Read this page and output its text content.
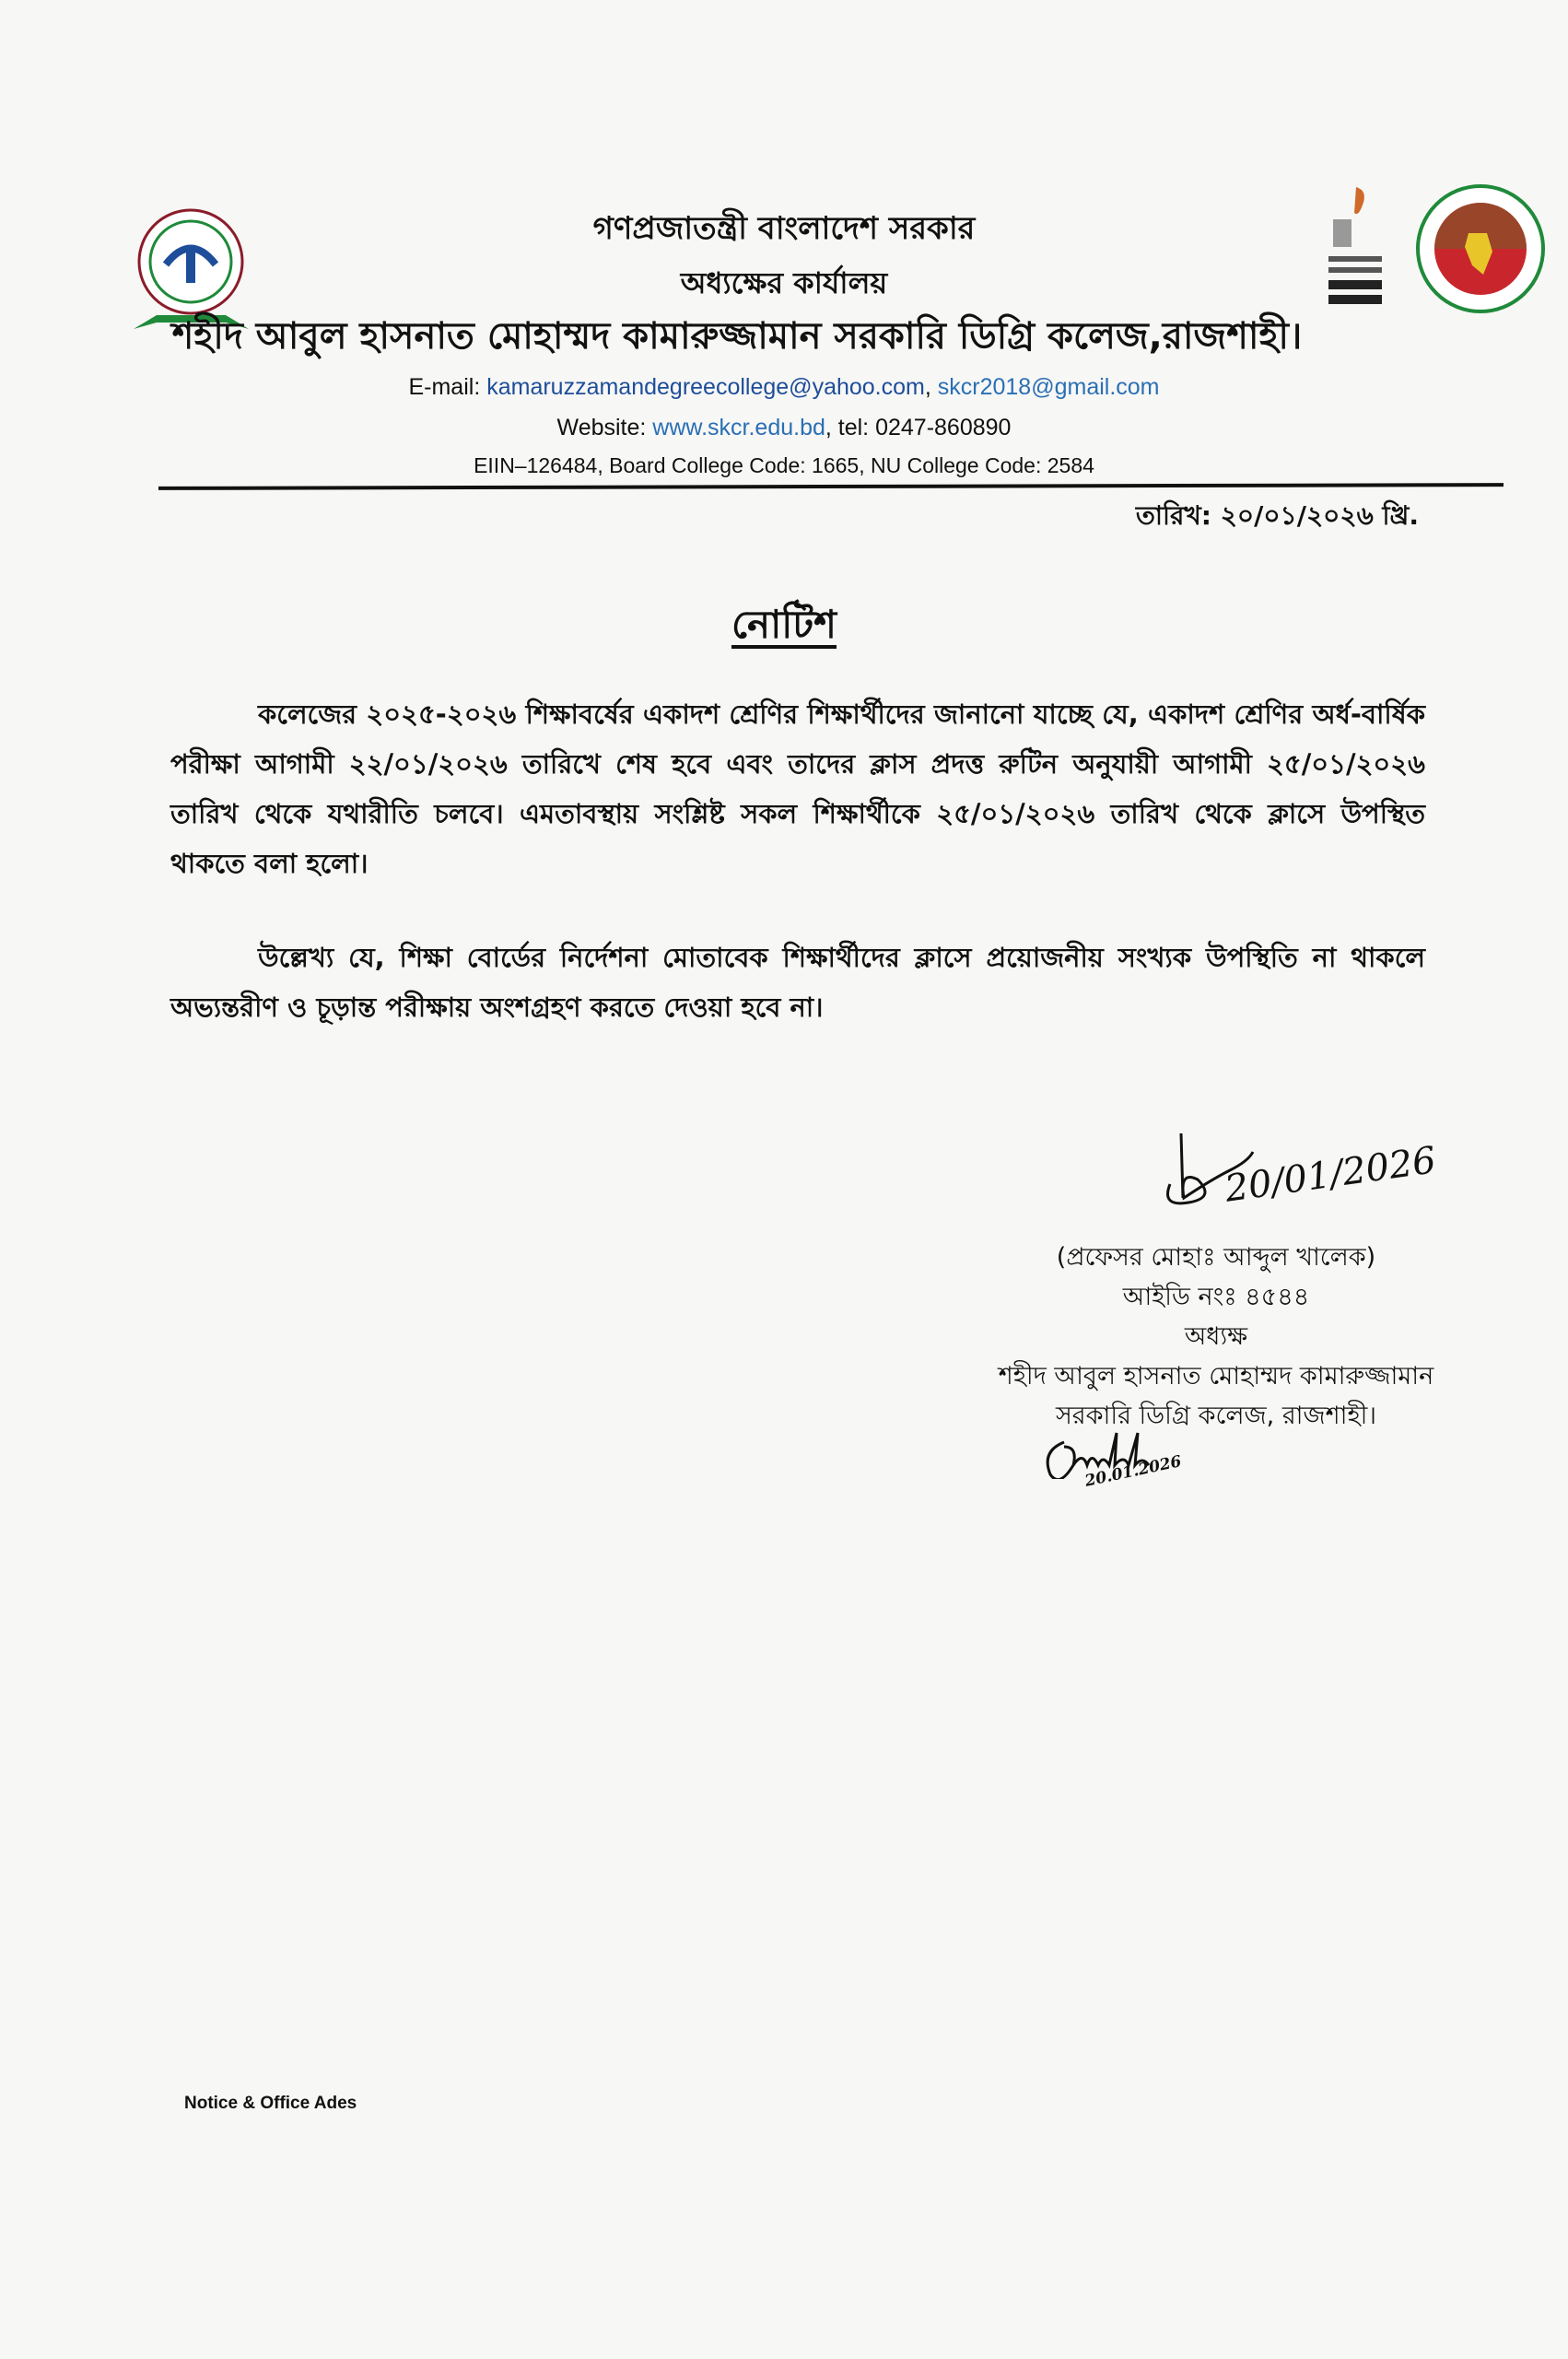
গণপ্রজাতন্ত্রী বাংলাদেশ সরকার
অধ্যক্ষের কার্যালয়
শহীদ আবুল হাসনাত মোহাম্মদ কামারুজ্জামান সরকারি ডিগ্রি কলেজ,রাজশাহী।
E-mail: kamaruzzamandegreecollege@yahoo.com, skcr2018@gmail.com
Website: www.skcr.edu.bd, tel: 0247-860890
EIIN–126484, Board College Code: 1665, NU College Code: 2584
তারিখ: ২০/০১/২০২৬ খ্রি.
নোটিশ
কলেজের ২০২৫-২০২৬ শিক্ষাবর্ষের একাদশ শ্রেণির শিক্ষার্থীদের জানানো যাচ্ছে যে, একাদশ শ্রেণির অর্ধ-বার্ষিক পরীক্ষা আগামী ২২/০১/২০২৬ তারিখে শেষ হবে এবং তাদের ক্লাস প্রদত্ত রুটিন অনুযায়ী আগামী ২৫/০১/২০২৬ তারিখ থেকে যথারীতি চলবে। এমতাবস্থায় সংশ্লিষ্ট সকল শিক্ষার্থীকে ২৫/০১/২০২৬ তারিখ থেকে ক্লাসে উপস্থিত থাকতে বলা হলো।
উল্লেখ্য যে, শিক্ষা বোর্ডের নির্দেশনা মোতাবেক শিক্ষার্থীদের ক্লাসে প্রয়োজনীয় সংখ্যক উপস্থিতি না থাকলে অভ্যন্তরীণ ও চূড়ান্ত পরীক্ষায় অংশগ্রহণ করতে দেওয়া হবে না।
20/01/2026
(প্রফেসর মোহাঃ আব্দুল খালেক)
আইডি নংঃ ৪৫৪৪
অধ্যক্ষ
শহীদ আবুল হাসনাত মোহাম্মদ কামারুজ্জামান
সরকারি ডিগ্রি কলেজ, রাজশাহী।
20.01.2026
Notice & Office Ades
